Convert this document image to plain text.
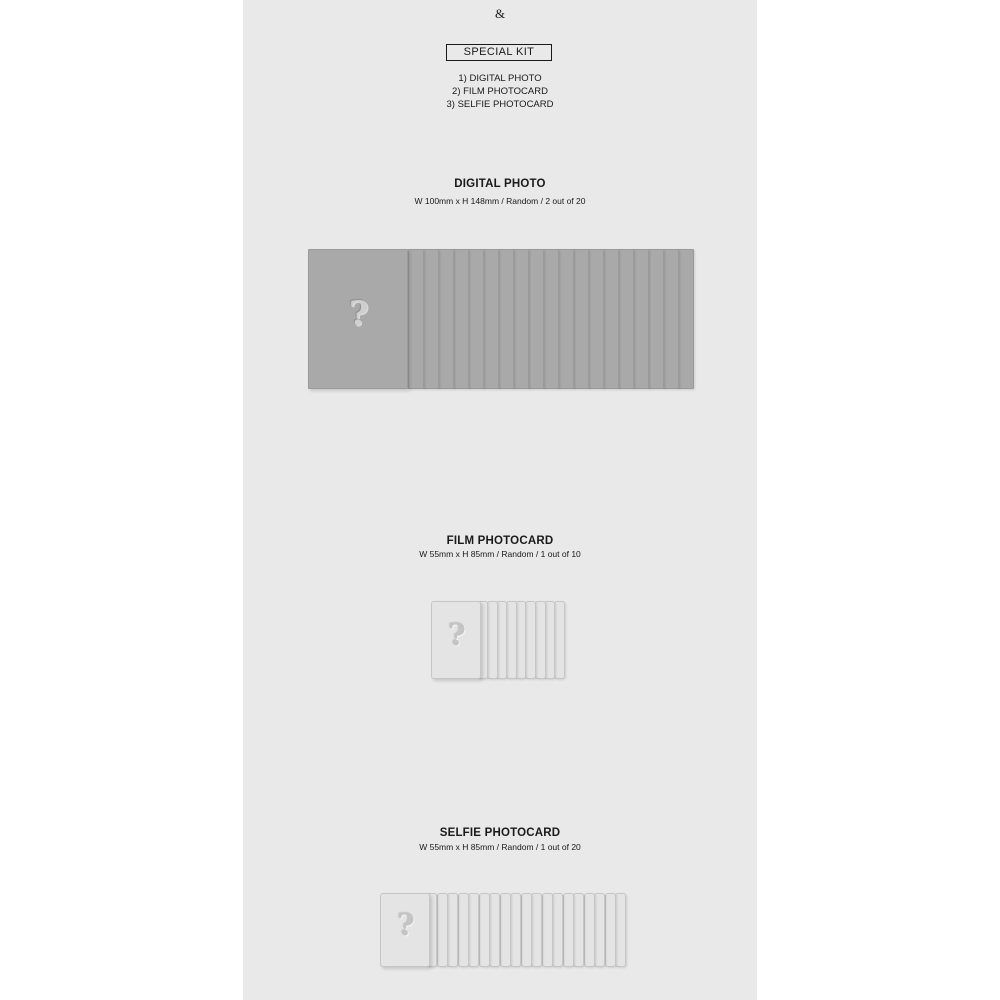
&
SPECIAL KIT
1) DIGITAL PHOTO
2) FILM PHOTOCARD
3) SELFIE PHOTOCARD
DIGITAL PHOTO
W 100mm x H 148mm / Random / 2 out of 20
?
FILM PHOTOCARD
W 55mm x H 85mm / Random / 1 out of 10
?
SELFIE PHOTOCARD
W 55mm x H 85mm / Random / 1 out of 20
?
